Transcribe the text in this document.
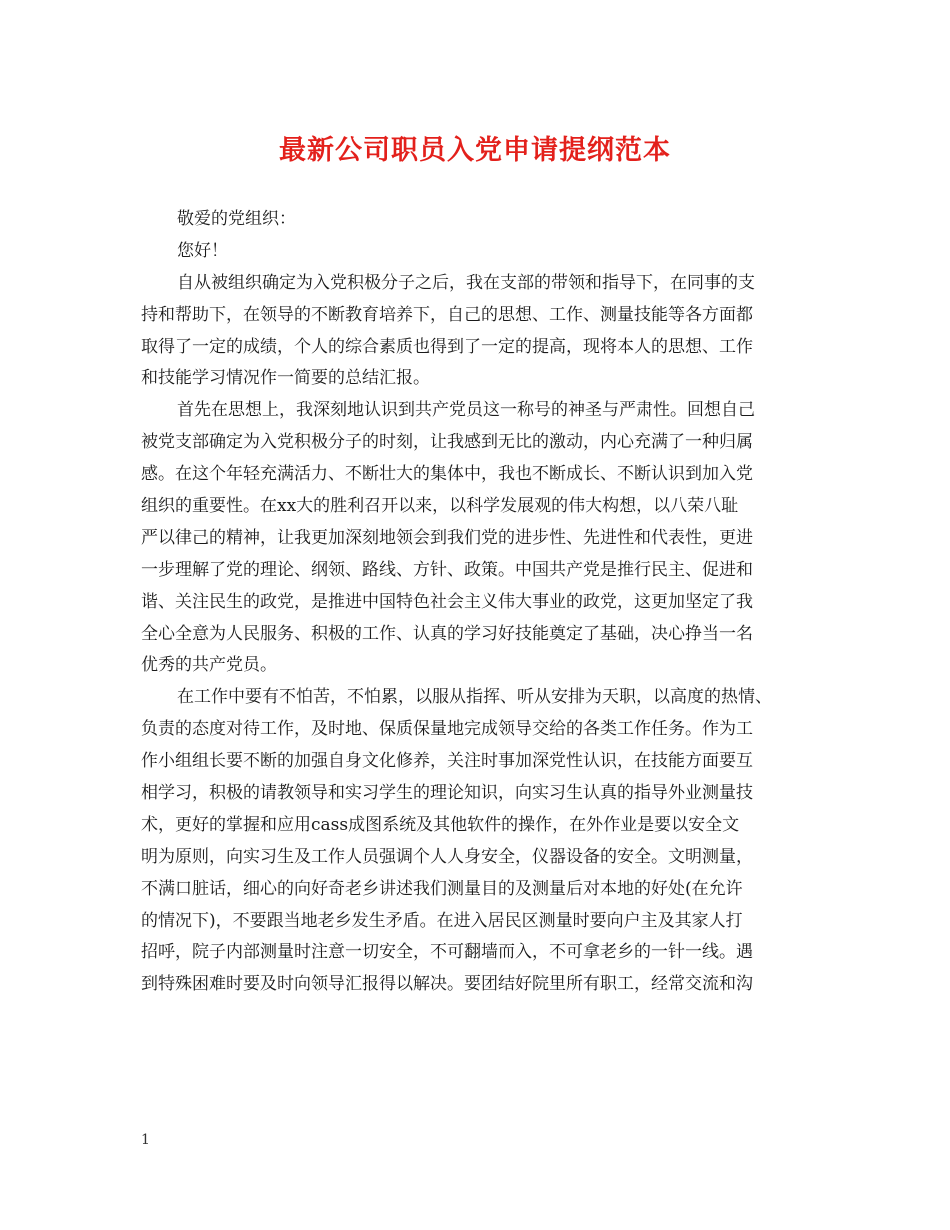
最新公司职员入党申请提纲范本
敬爱的党组织：
您好！
自从被组织确定为入党积极分子之后，我在支部的带领和指导下，在同事的支
持和帮助下，在领导的不断教育培养下，自己的思想、工作、测量技能等各方面都
取得了一定的成绩，个人的综合素质也得到了一定的提高，现将本人的思想、工作
和技能学习情况作一简要的总结汇报。
首先在思想上，我深刻地认识到共产党员这一称号的神圣与严肃性。回想自己
被党支部确定为入党积极分子的时刻，让我感到无比的激动，内心充满了一种归属
感。在这个年轻充满活力、不断壮大的集体中，我也不断成长、不断认识到加入党
组织的重要性。在xx大的胜利召开以来，以科学发展观的伟大构想，以八荣八耻
严以律己的精神，让我更加深刻地领会到我们党的进步性、先进性和代表性，更进
一步理解了党的理论、纲领、路线、方针、政策。中国共产党是推行民主、促进和
谐、关注民生的政党，是推进中国特色社会主义伟大事业的政党，这更加坚定了我
全心全意为人民服务、积极的工作、认真的学习好技能奠定了基础，决心挣当一名
优秀的共产党员。
在工作中要有不怕苦，不怕累，以服从指挥、听从安排为天职，以高度的热情、
负责的态度对待工作，及时地、保质保量地完成领导交给的各类工作任务。作为工
作小组组长要不断的加强自身文化修养，关注时事加深党性认识，在技能方面要互
相学习，积极的请教领导和实习学生的理论知识，向实习生认真的指导外业测量技
术，更好的掌握和应用cass成图系统及其他软件的操作，在外作业是要以安全文
明为原则，向实习生及工作人员强调个人人身安全，仪器设备的安全。文明测量，
不满口脏话，细心的向好奇老乡讲述我们测量目的及测量后对本地的好处(在允许
的情况下)，不要跟当地老乡发生矛盾。在进入居民区测量时要向户主及其家人打
招呼，院子内部测量时注意一切安全，不可翻墙而入，不可拿老乡的一针一线。遇
到特殊困难时要及时向领导汇报得以解决。要团结好院里所有职工，经常交流和沟
1
